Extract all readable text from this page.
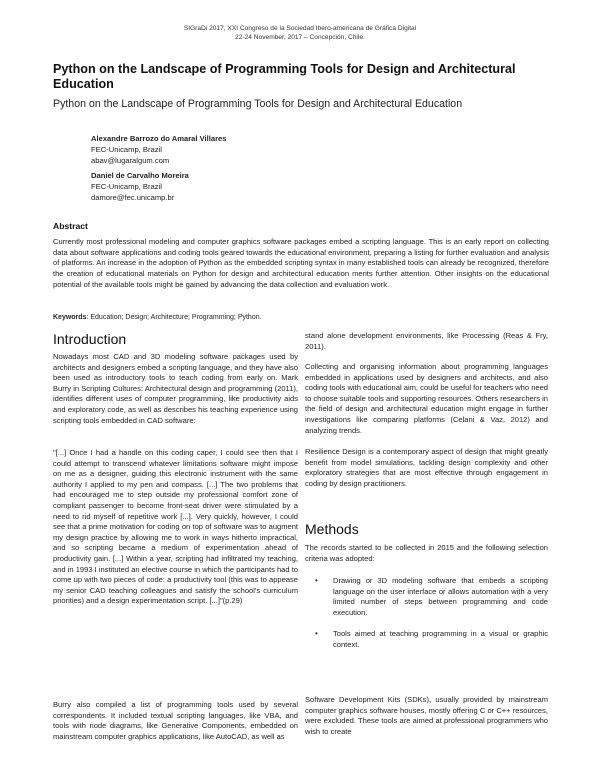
SIGraDi 2017, XXI Congreso de la Sociedad Ibero-americana de Gráfica Digital
22-24 November, 2017 – Concepción, Chile.
Python on the Landscape of Programming Tools for Design and Architectural Education
Python on the Landscape of Programming Tools for Design and Architectural Education
Alexandre Barrozo do Amaral Villares
FEC-Unicamp, Brazil
abav@lugaralgum.com
Daniel de Carvalho Moreira
FEC-Unicamp, Brazil
damore@fec.unicamp.br
Abstract
Currently most professional modeling and computer graphics software packages embed a scripting language. This is an early report on collecting data about software applications and coding tools geared towards the educational environment, preparing a listing for further evaluation and analysis of platforms. An increase in the adoption of Python as the embedded scripting syntax in many established tools can already be recognized, therefore the creation of educational materials on Python for design and architectural education merits further attention. Other insights on the educational potential of the available tools might be gained by advancing the data collection and evaluation work.
Keywords: Education; Design; Architecture; Programming; Python.
Introduction
Nowadays most CAD and 3D modeling software packages used by architects and designers embed a scripting language, and they have also been used as introductory tools to teach coding from early on. Mark Burry in Scripting Cultures: Architectural design and programming (2011), identifies different uses of computer programming, like productivity aids and exploratory code, as well as describes his teaching experience using scripting tools embedded in CAD software:
"[...] Once I had a handle on this coding caper, I could see then that I could attempt to transcend whatever limitations software might impose on me as a designer, guiding this electronic instrument with the same authority I applied to my pen and compass. [...] The two problems that had encouraged me to step outside my professional comfort zone of compliant passenger to become front-seat driver were stimulated by a need to rid myself of repetitive work [...]. Very quickly, however, I could see that a prime motivation for coding on top of software was to augment my design practice by allowing me to work in ways hitherto impractical, and so scripting became a medium of experimentation ahead of productivity gain. [...] Within a year, scripting had infiltrated my teaching, and in 1993 I instituted an elective course in which the participants had to come up with two pieces of code: a productivity tool (this was to appease my senior CAD teaching colleagues and satisfy the school's curriculum priorities) and a design experimentation script. [...]"(p.29)
Burry also compiled a list of programming tools used by several correspondents. It included textual scripting languages, like VBA, and tools with node diagrams, like Generative Components, embedded on mainstream computer graphics applications, like AutoCAD, as well as
stand alone development environments, like Processing (Reas & Fry, 2011).
Collecting and organising information about programming languages embedded in applications used by designers and architects, and also coding tools with educational aim, could be useful for teachers who need to choose suitable tools and supporting resources. Others researchers in the field of design and architectural education might engage in further investigations like comparing platforms (Celani & Vaz, 2012) and analyzing trends.
Resilience Design is a contemporary aspect of design that might greatly benefit from model simulations, tackling design complexity and other exploratory strategies that are most effective through engagement in coding by design practitioners.
Methods
The records started to be collected in 2015 and the following selection criteria was adopted:
• Drawing or 3D modeling software that embeds a scripting language on the user interface or allows automation with a very limited number of steps between programming and code execution.
• Tools aimed at teaching programming in a visual or graphic context.
Software Development Kits (SDKs), usually provided by mainstream computer graphics software houses, mostly offering C or C++ resources, were excluded. These tools are aimed at professional programmers who wish to create
